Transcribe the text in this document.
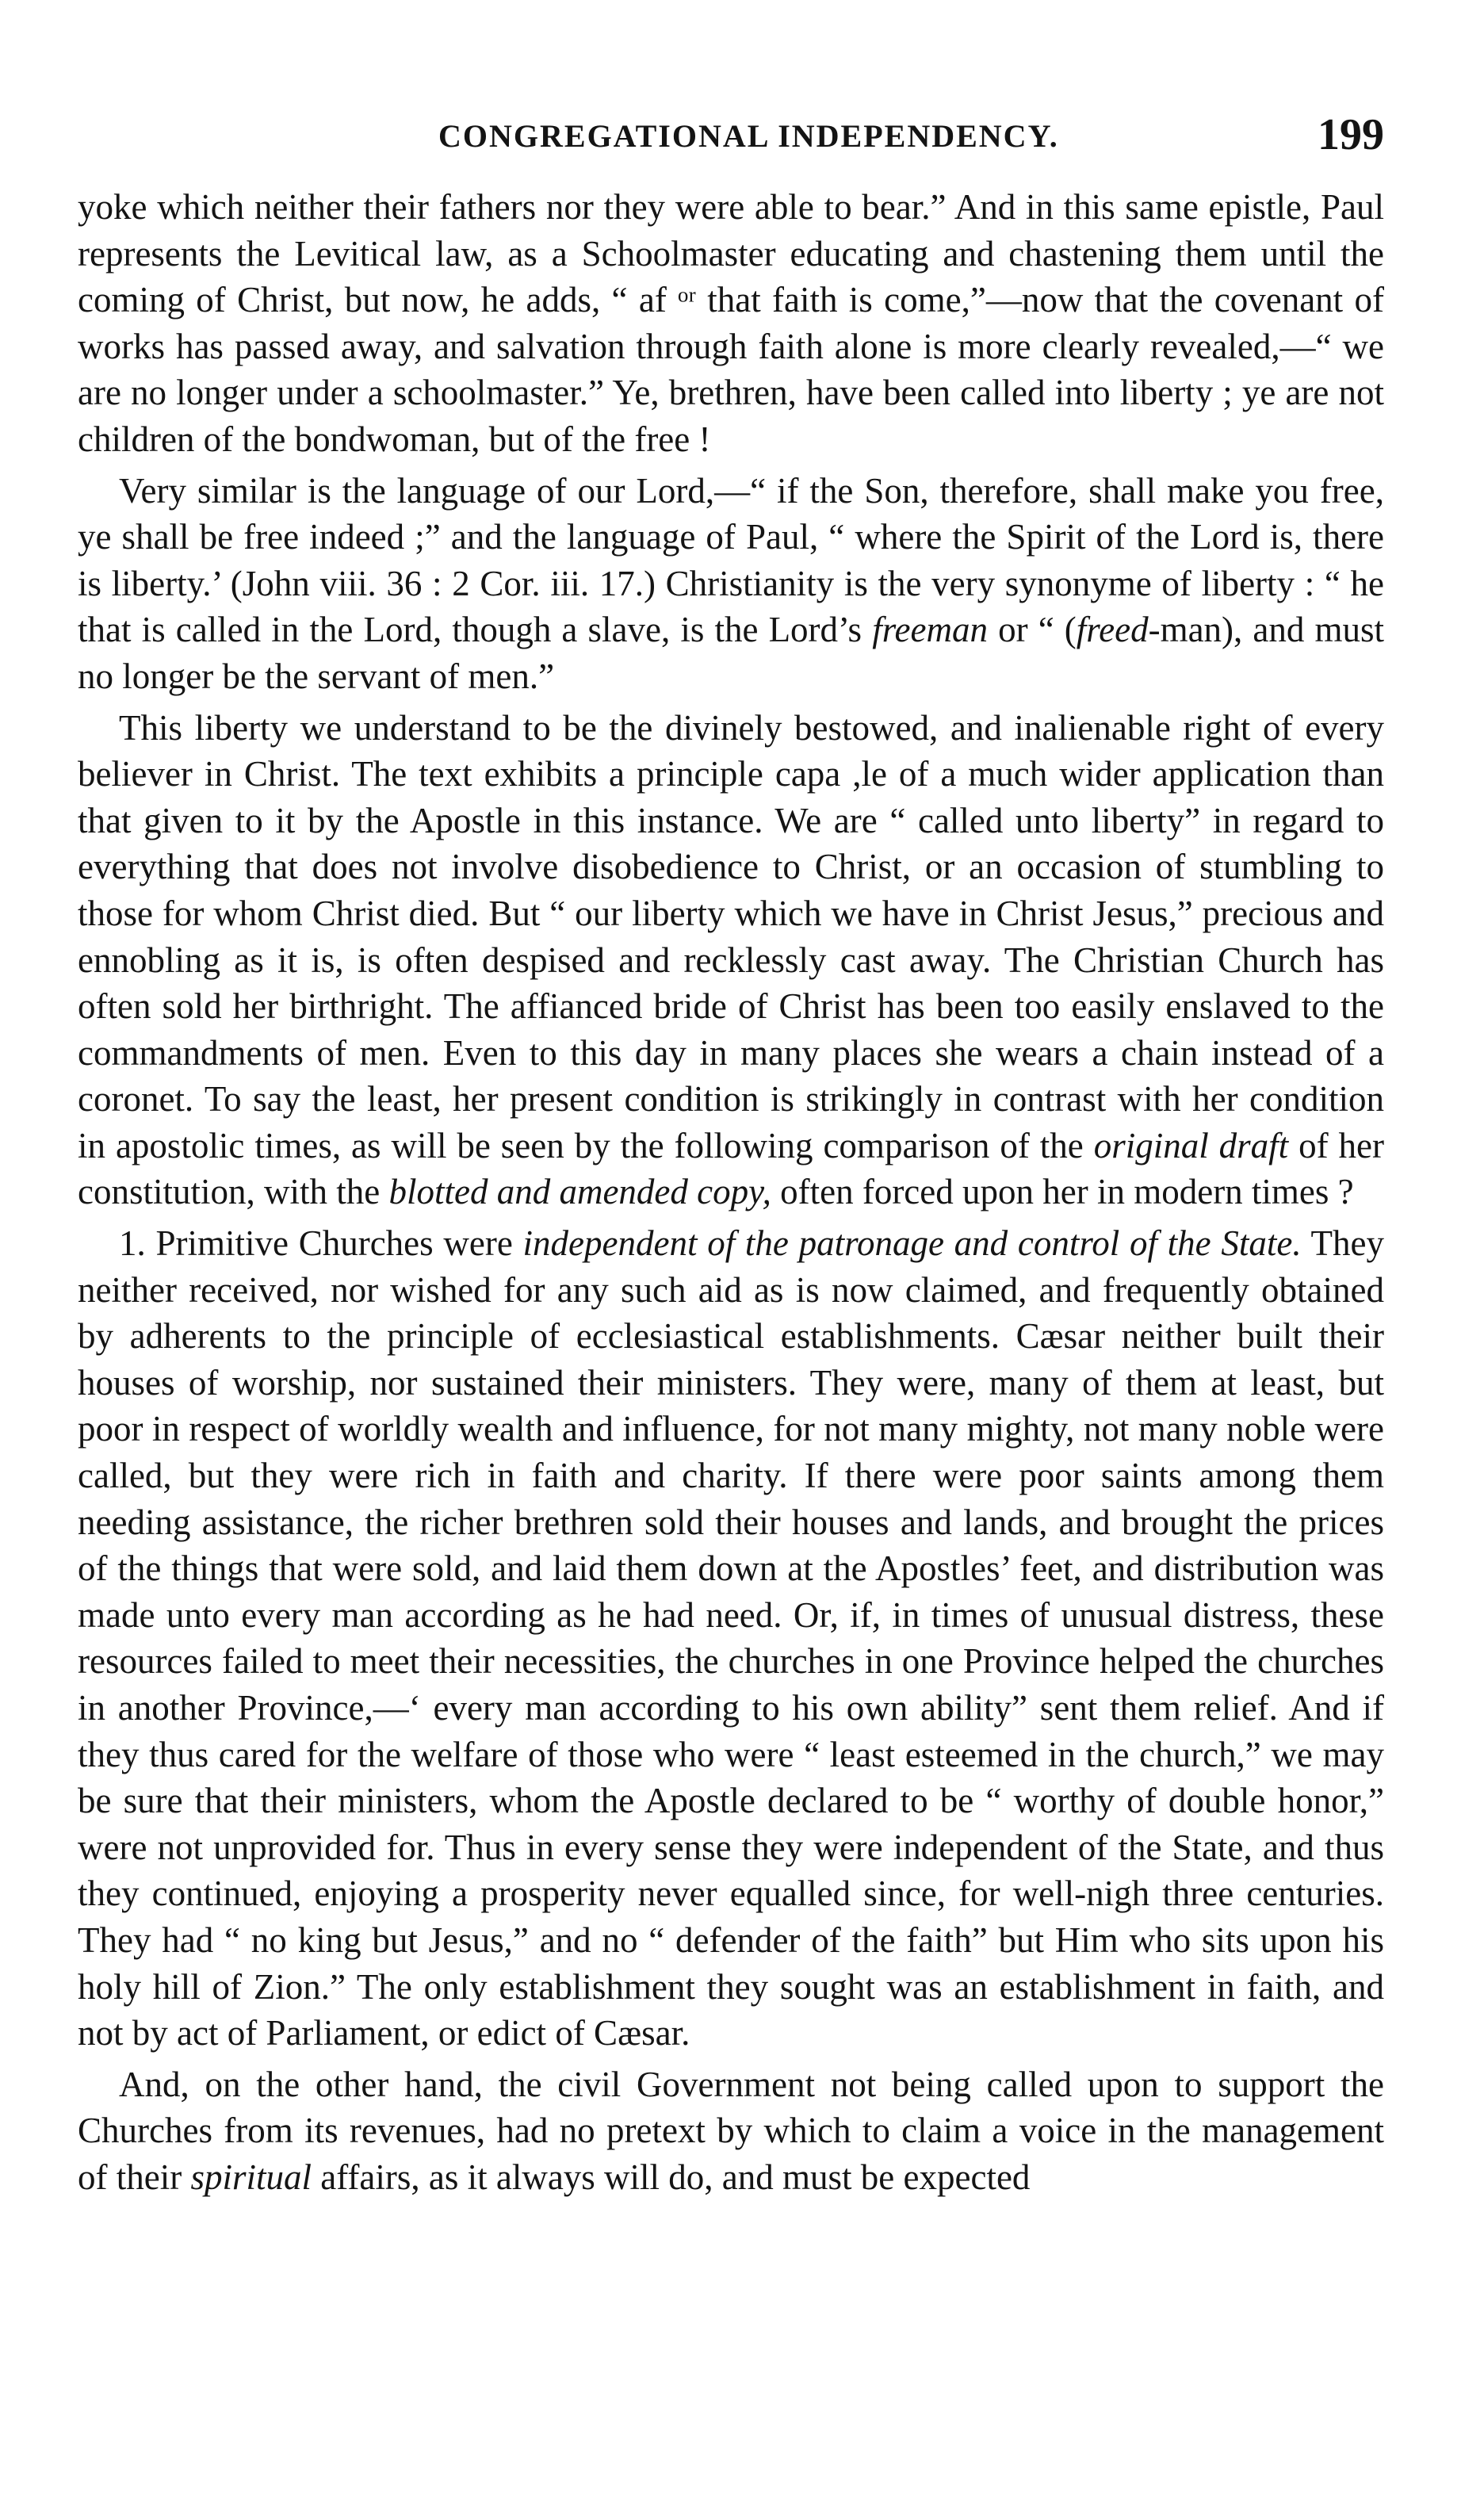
CONGREGATIONAL INDEPENDENCY.	199

yoke which neither their fathers nor they were able to bear.” And in this same epistle, Paul represents the Levitical law, as a Schoolmaster educating and chastening them until the coming of Christ, but now, he adds, “ af ᵒʳ that faith is come,”—now that the covenant of works has passed away, and salvation through faith alone is more clearly revealed,—“ we are no longer under a schoolmaster.” Ye, brethren, have been called into liberty ; ye are not children of the bondwoman, but of the free !

Very similar is the language of our Lord,—“ if the Son, therefore, shall make you free, ye shall be free indeed ;” and the language of Paul, “ where the Spirit of the Lord is, there is liberty.’ (John viii. 36 : 2 Cor. iii. 17.) Christianity is the very synonyme of liberty : “ he that is called in the Lord, though a slave, is the Lord’s freeman or “ (freed-man), and must no longer be the servant of men.”

This liberty we understand to be the divinely bestowed, and inalienable right of every believer in Christ. The text exhibits a principle capa ,le of a much wider application than that given to it by the Apostle in this instance. We are “ called unto liberty” in regard to everything that does not involve disobedience to Christ, or an occasion of stumbling to those for whom Christ died. But “ our liberty which we have in Christ Jesus,” precious and ennobling as it is, is often despised and recklessly cast away. The Christian Church has often sold her birthright. The affianced bride of Christ has been too easily enslaved to the commandments of men. Even to this day in many places she wears a chain instead of a coronet. To say the least, her present condition is strikingly in contrast with her condition in apostolic times, as will be seen by the following comparison of the original draft of her constitution, with the blotted and amended copy, often forced upon her in modern times ?

1. Primitive Churches were independent of the patronage and control of the State. They neither received, nor wished for any such aid as is now claimed, and frequently obtained by adherents to the principle of ecclesiastical establishments. Cæsar neither built their houses of worship, nor sustained their ministers. They were, many of them at least, but poor in respect of worldly wealth and influence, for not many mighty, not many noble were called, but they were rich in faith and charity. If there were poor saints among them needing assistance, the richer brethren sold their houses and lands, and brought the prices of the things that were sold, and laid them down at the Apostles’ feet, and distribution was made unto every man according as he had need. Or, if, in times of unusual distress, these resources failed to meet their necessities, the churches in one Province helped the churches in another Province,—‘ every man according to his own ability” sent them relief. And if they thus cared for the welfare of those who were “ least esteemed in the church,” we may be sure that their ministers, whom the Apostle declared to be “ worthy of double honor,” were not unprovided for. Thus in every sense they were independent of the State, and thus they continued, enjoying a prosperity never equalled since, for well-nigh three centuries. They had “ no king but Jesus,” and no “ defender of the faith” but Him who sits upon his holy hill of Zion.” The only establishment they sought was an establishment in faith, and not by act of Parliament, or edict of Cæsar.

And, on the other hand, the civil Government not being called upon to support the Churches from its revenues, had no pretext by which to claim a voice in the management of their spiritual affairs, as it always will do, and must be expected
